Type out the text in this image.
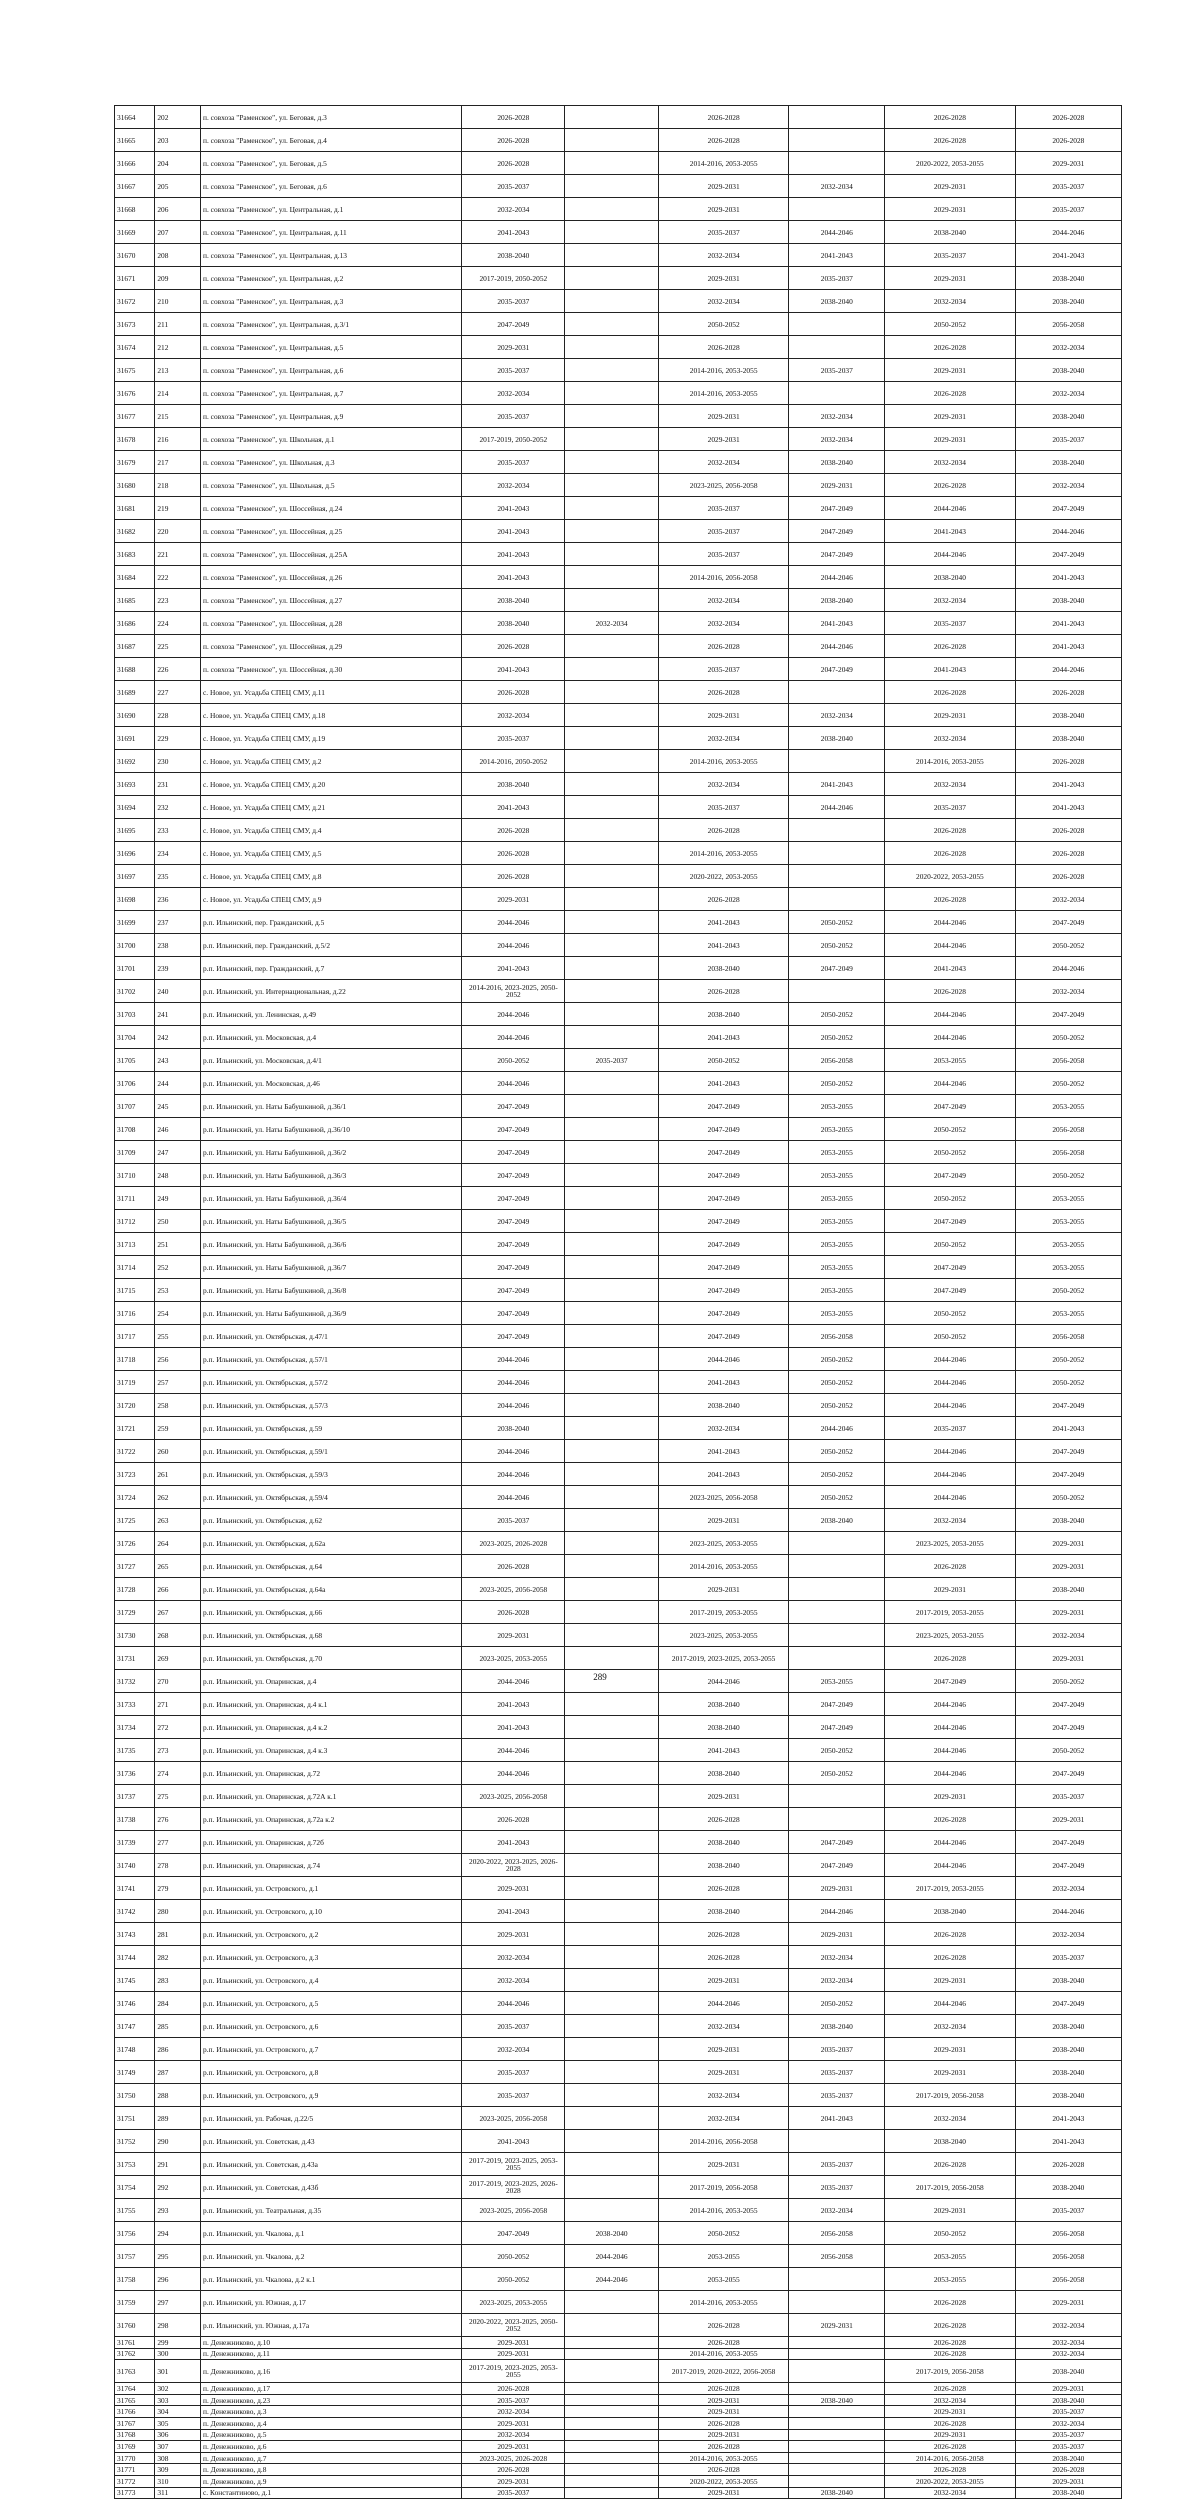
31664	202	п. совхоза "Раменское", ул. Беговая, д.3	2026-2028		2026-2028		2026-2028	2026-2028
31665	203	п. совхоза "Раменское", ул. Беговая, д.4	2026-2028		2026-2028		2026-2028	2026-2028
31666	204	п. совхоза "Раменское", ул. Беговая, д.5	2026-2028		2014-2016, 2053-2055		2020-2022, 2053-2055	2029-2031
31667	205	п. совхоза "Раменское", ул. Беговая, д.6	2035-2037		2029-2031	2032-2034	2029-2031	2035-2037
31668	206	п. совхоза "Раменское", ул. Центральная, д.1	2032-2034		2029-2031		2029-2031	2035-2037
31669	207	п. совхоза "Раменское", ул. Центральная, д.11	2041-2043		2035-2037	2044-2046	2038-2040	2044-2046
31670	208	п. совхоза "Раменское", ул. Центральная, д.13	2038-2040		2032-2034	2041-2043	2035-2037	2041-2043
31671	209	п. совхоза "Раменское", ул. Центральная, д.2	2017-2019, 2050-2052		2029-2031	2035-2037	2029-2031	2038-2040
31672	210	п. совхоза "Раменское", ул. Центральная, д.3	2035-2037		2032-2034	2038-2040	2032-2034	2038-2040
31673	211	п. совхоза "Раменское", ул. Центральная, д.3/1	2047-2049		2050-2052		2050-2052	2056-2058
31674	212	п. совхоза "Раменское", ул. Центральная, д.5	2029-2031		2026-2028		2026-2028	2032-2034
31675	213	п. совхоза "Раменское", ул. Центральная, д.6	2035-2037		2014-2016, 2053-2055	2035-2037	2029-2031	2038-2040
31676	214	п. совхоза "Раменское", ул. Центральная, д.7	2032-2034		2014-2016, 2053-2055		2026-2028	2032-2034
31677	215	п. совхоза "Раменское", ул. Центральная, д.9	2035-2037		2029-2031	2032-2034	2029-2031	2038-2040
31678	216	п. совхоза "Раменское", ул. Школьная, д.1	2017-2019, 2050-2052		2029-2031	2032-2034	2029-2031	2035-2037
31679	217	п. совхоза "Раменское", ул. Школьная, д.3	2035-2037		2032-2034	2038-2040	2032-2034	2038-2040
31680	218	п. совхоза "Раменское", ул. Школьная, д.5	2032-2034		2023-2025, 2056-2058	2029-2031	2026-2028	2032-2034
31681	219	п. совхоза "Раменское", ул. Шоссейная, д.24	2041-2043		2035-2037	2047-2049	2044-2046	2047-2049
31682	220	п. совхоза "Раменское", ул. Шоссейная, д.25	2041-2043		2035-2037	2047-2049	2041-2043	2044-2046
31683	221	п. совхоза "Раменское", ул. Шоссейная, д.25А	2041-2043		2035-2037	2047-2049	2044-2046	2047-2049
31684	222	п. совхоза "Раменское", ул. Шоссейная, д.26	2041-2043		2014-2016, 2056-2058	2044-2046	2038-2040	2041-2043
31685	223	п. совхоза "Раменское", ул. Шоссейная, д.27	2038-2040		2032-2034	2038-2040	2032-2034	2038-2040
31686	224	п. совхоза "Раменское", ул. Шоссейная, д.28	2038-2040	2032-2034	2032-2034	2041-2043	2035-2037	2041-2043
31687	225	п. совхоза "Раменское", ул. Шоссейная, д.29	2026-2028		2026-2028	2044-2046	2026-2028	2041-2043
31688	226	п. совхоза "Раменское", ул. Шоссейная, д.30	2041-2043		2035-2037	2047-2049	2041-2043	2044-2046
31689	227	с. Новое, ул. Усадьба СПЕЦ СМУ, д.11	2026-2028		2026-2028		2026-2028	2026-2028
31690	228	с. Новое, ул. Усадьба СПЕЦ СМУ, д.18	2032-2034		2029-2031	2032-2034	2029-2031	2038-2040
31691	229	с. Новое, ул. Усадьба СПЕЦ СМУ, д.19	2035-2037		2032-2034	2038-2040	2032-2034	2038-2040
31692	230	с. Новое, ул. Усадьба СПЕЦ СМУ, д.2	2014-2016, 2050-2052		2014-2016, 2053-2055		2014-2016, 2053-2055	2026-2028
31693	231	с. Новое, ул. Усадьба СПЕЦ СМУ, д.20	2038-2040		2032-2034	2041-2043	2032-2034	2041-2043
31694	232	с. Новое, ул. Усадьба СПЕЦ СМУ, д.21	2041-2043		2035-2037	2044-2046	2035-2037	2041-2043
31695	233	с. Новое, ул. Усадьба СПЕЦ СМУ, д.4	2026-2028		2026-2028		2026-2028	2026-2028
31696	234	с. Новое, ул. Усадьба СПЕЦ СМУ, д.5	2026-2028		2014-2016, 2053-2055		2026-2028	2026-2028
31697	235	с. Новое, ул. Усадьба СПЕЦ СМУ, д.8	2026-2028		2020-2022, 2053-2055		2020-2022, 2053-2055	2026-2028
31698	236	с. Новое, ул. Усадьба СПЕЦ СМУ, д.9	2029-2031		2026-2028		2026-2028	2032-2034
31699	237	р.п. Ильинский, пер. Гражданский, д.5	2044-2046		2041-2043	2050-2052	2044-2046	2047-2049
31700	238	р.п. Ильинский, пер. Гражданский, д.5/2	2044-2046		2041-2043	2050-2052	2044-2046	2050-2052
31701	239	р.п. Ильинский, пер. Гражданский, д.7	2041-2043		2038-2040	2047-2049	2041-2043	2044-2046
31702	240	р.п. Ильинский, ул. Интернациональная, д.22	2014-2016, 2023-2025, 2050-2052		2026-2028		2026-2028	2032-2034
31703	241	р.п. Ильинский, ул. Ленинская, д.49	2044-2046		2038-2040	2050-2052	2044-2046	2047-2049
31704	242	р.п. Ильинский, ул. Московская, д.4	2044-2046		2041-2043	2050-2052	2044-2046	2050-2052
31705	243	р.п. Ильинский, ул. Московская, д.4/1	2050-2052	2035-2037	2050-2052	2056-2058	2053-2055	2056-2058
31706	244	р.п. Ильинский, ул. Московская, д.46	2044-2046		2041-2043	2050-2052	2044-2046	2050-2052
31707	245	р.п. Ильинский, ул. Наты Бабушкиной, д.36/1	2047-2049		2047-2049	2053-2055	2047-2049	2053-2055
31708	246	р.п. Ильинский, ул. Наты Бабушкиной, д.36/10	2047-2049		2047-2049	2053-2055	2050-2052	2056-2058
31709	247	р.п. Ильинский, ул. Наты Бабушкиной, д.36/2	2047-2049		2047-2049	2053-2055	2050-2052	2056-2058
31710	248	р.п. Ильинский, ул. Наты Бабушкиной, д.36/3	2047-2049		2047-2049	2053-2055	2047-2049	2050-2052
31711	249	р.п. Ильинский, ул. Наты Бабушкиной, д.36/4	2047-2049		2047-2049	2053-2055	2050-2052	2053-2055
31712	250	р.п. Ильинский, ул. Наты Бабушкиной, д.36/5	2047-2049		2047-2049	2053-2055	2047-2049	2053-2055
31713	251	р.п. Ильинский, ул. Наты Бабушкиной, д.36/6	2047-2049		2047-2049	2053-2055	2050-2052	2053-2055
31714	252	р.п. Ильинский, ул. Наты Бабушкиной, д.36/7	2047-2049		2047-2049	2053-2055	2047-2049	2053-2055
31715	253	р.п. Ильинский, ул. Наты Бабушкиной, д.36/8	2047-2049		2047-2049	2053-2055	2047-2049	2050-2052
31716	254	р.п. Ильинский, ул. Наты Бабушкиной, д.36/9	2047-2049		2047-2049	2053-2055	2050-2052	2053-2055
31717	255	р.п. Ильинский, ул. Октябрьская, д.47/1	2047-2049		2047-2049	2056-2058	2050-2052	2056-2058
31718	256	р.п. Ильинский, ул. Октябрьская, д.57/1	2044-2046		2044-2046	2050-2052	2044-2046	2050-2052
31719	257	р.п. Ильинский, ул. Октябрьская, д.57/2	2044-2046		2041-2043	2050-2052	2044-2046	2050-2052
31720	258	р.п. Ильинский, ул. Октябрьская, д.57/3	2044-2046		2038-2040	2050-2052	2044-2046	2047-2049
31721	259	р.п. Ильинский, ул. Октябрьская, д.59	2038-2040		2032-2034	2044-2046	2035-2037	2041-2043
31722	260	р.п. Ильинский, ул. Октябрьская, д.59/1	2044-2046		2041-2043	2050-2052	2044-2046	2047-2049
31723	261	р.п. Ильинский, ул. Октябрьская, д.59/3	2044-2046		2041-2043	2050-2052	2044-2046	2047-2049
31724	262	р.п. Ильинский, ул. Октябрьская, д.59/4	2044-2046		2023-2025, 2056-2058	2050-2052	2044-2046	2050-2052
31725	263	р.п. Ильинский, ул. Октябрьская, д.62	2035-2037		2029-2031	2038-2040	2032-2034	2038-2040
31726	264	р.п. Ильинский, ул. Октябрьская, д.62а	2023-2025, 2026-2028		2023-2025, 2053-2055		2023-2025, 2053-2055	2029-2031
31727	265	р.п. Ильинский, ул. Октябрьская, д.64	2026-2028		2014-2016, 2053-2055		2026-2028	2029-2031
31728	266	р.п. Ильинский, ул. Октябрьская, д.64а	2023-2025, 2056-2058		2029-2031		2029-2031	2038-2040
31729	267	р.п. Ильинский, ул. Октябрьская, д.66	2026-2028		2017-2019, 2053-2055		2017-2019, 2053-2055	2029-2031
31730	268	р.п. Ильинский, ул. Октябрьская, д.68	2029-2031		2023-2025, 2053-2055		2023-2025, 2053-2055	2032-2034
31731	269	р.п. Ильинский, ул. Октябрьская, д.70	2023-2025, 2053-2055		2017-2019, 2023-2025, 2053-2055		2026-2028	2029-2031
31732	270	р.п. Ильинский, ул. Опаринская, д.4	2044-2046		2044-2046	2053-2055	2047-2049	2050-2052
31733	271	р.п. Ильинский, ул. Опаринская, д.4 к.1	2041-2043		2038-2040	2047-2049	2044-2046	2047-2049
31734	272	р.п. Ильинский, ул. Опаринская, д.4 к.2	2041-2043		2038-2040	2047-2049	2044-2046	2047-2049
31735	273	р.п. Ильинский, ул. Опаринская, д.4 к.3	2044-2046		2041-2043	2050-2052	2044-2046	2050-2052
31736	274	р.п. Ильинский, ул. Опаринская, д.72	2044-2046		2038-2040	2050-2052	2044-2046	2047-2049
31737	275	р.п. Ильинский, ул. Опаринская, д.72А к.1	2023-2025, 2056-2058		2029-2031		2029-2031	2035-2037
31738	276	р.п. Ильинский, ул. Опаринская, д.72а к.2	2026-2028		2026-2028		2026-2028	2029-2031
31739	277	р.п. Ильинский, ул. Опаринская, д.72б	2041-2043		2038-2040	2047-2049	2044-2046	2047-2049
31740	278	р.п. Ильинский, ул. Опаринская, д.74	2020-2022, 2023-2025, 2026-2028		2038-2040	2047-2049	2044-2046	2047-2049
31741	279	р.п. Ильинский, ул. Островского, д.1	2029-2031		2026-2028	2029-2031	2017-2019, 2053-2055	2032-2034
31742	280	р.п. Ильинский, ул. Островского, д.10	2041-2043		2038-2040	2044-2046	2038-2040	2044-2046
31743	281	р.п. Ильинский, ул. Островского, д.2	2029-2031		2026-2028	2029-2031	2026-2028	2032-2034
31744	282	р.п. Ильинский, ул. Островского, д.3	2032-2034		2026-2028	2032-2034	2026-2028	2035-2037
31745	283	р.п. Ильинский, ул. Островского, д.4	2032-2034		2029-2031	2032-2034	2029-2031	2038-2040
31746	284	р.п. Ильинский, ул. Островского, д.5	2044-2046		2044-2046	2050-2052	2044-2046	2047-2049
31747	285	р.п. Ильинский, ул. Островского, д.6	2035-2037		2032-2034	2038-2040	2032-2034	2038-2040
31748	286	р.п. Ильинский, ул. Островского, д.7	2032-2034		2029-2031	2035-2037	2029-2031	2038-2040
31749	287	р.п. Ильинский, ул. Островского, д.8	2035-2037		2029-2031	2035-2037	2029-2031	2038-2040
31750	288	р.п. Ильинский, ул. Островского, д.9	2035-2037		2032-2034	2035-2037	2017-2019, 2056-2058	2038-2040
31751	289	р.п. Ильинский, ул. Рабочая, д.22/5	2023-2025, 2056-2058		2032-2034	2041-2043	2032-2034	2041-2043
31752	290	р.п. Ильинский, ул. Советская, д.43	2041-2043		2014-2016, 2056-2058		2038-2040	2041-2043
31753	291	р.п. Ильинский, ул. Советская, д.43а	2017-2019, 2023-2025, 2053-2055		2029-2031	2035-2037	2026-2028	2026-2028
31754	292	р.п. Ильинский, ул. Советская, д.43б	2017-2019, 2023-2025, 2026-2028		2017-2019, 2056-2058	2035-2037	2017-2019, 2056-2058	2038-2040
31755	293	р.п. Ильинский, ул. Театральная, д.35	2023-2025, 2056-2058		2014-2016, 2053-2055	2032-2034	2029-2031	2035-2037
31756	294	р.п. Ильинский, ул. Чкалова, д.1	2047-2049	2038-2040	2050-2052	2056-2058	2050-2052	2056-2058
31757	295	р.п. Ильинский, ул. Чкалова, д.2	2050-2052	2044-2046	2053-2055	2056-2058	2053-2055	2056-2058
31758	296	р.п. Ильинский, ул. Чкалова, д.2 к.1	2050-2052	2044-2046	2053-2055		2053-2055	2056-2058
31759	297	р.п. Ильинский, ул. Южная, д.17	2023-2025, 2053-2055		2014-2016, 2053-2055		2026-2028	2029-2031
31760	298	р.п. Ильинский, ул. Южная, д.17а	2020-2022, 2023-2025, 2050-2052		2026-2028	2029-2031	2026-2028	2032-2034
31761	299	п. Денежниково, д.10	2029-2031		2026-2028		2026-2028	2032-2034
31762	300	п. Денежниково, д.11	2029-2031		2014-2016, 2053-2055		2026-2028	2032-2034
31763	301	п. Денежниково, д.16	2017-2019, 2023-2025, 2053-2055		2017-2019, 2020-2022, 2056-2058		2017-2019, 2056-2058	2038-2040
31764	302	п. Денежниково, д.17	2026-2028		2026-2028		2026-2028	2029-2031
31765	303	п. Денежниково, д.23	2035-2037		2029-2031	2038-2040	2032-2034	2038-2040
31766	304	п. Денежниково, д.3	2032-2034		2029-2031		2029-2031	2035-2037
31767	305	п. Денежниково, д.4	2029-2031		2026-2028		2026-2028	2032-2034
31768	306	п. Денежниково, д.5	2032-2034		2029-2031		2029-2031	2035-2037
31769	307	п. Денежниково, д.6	2029-2031		2026-2028		2026-2028	2035-2037
31770	308	п. Денежниково, д.7	2023-2025, 2026-2028		2014-2016, 2053-2055		2014-2016, 2056-2058	2038-2040
31771	309	п. Денежниково, д.8	2026-2028		2026-2028		2026-2028	2026-2028
31772	310	п. Денежниково, д.9	2029-2031		2020-2022, 2053-2055		2020-2022, 2053-2055	2029-2031
31773	311	с. Константиново, д.1	2035-2037		2029-2031	2038-2040	2032-2034	2038-2040
289
